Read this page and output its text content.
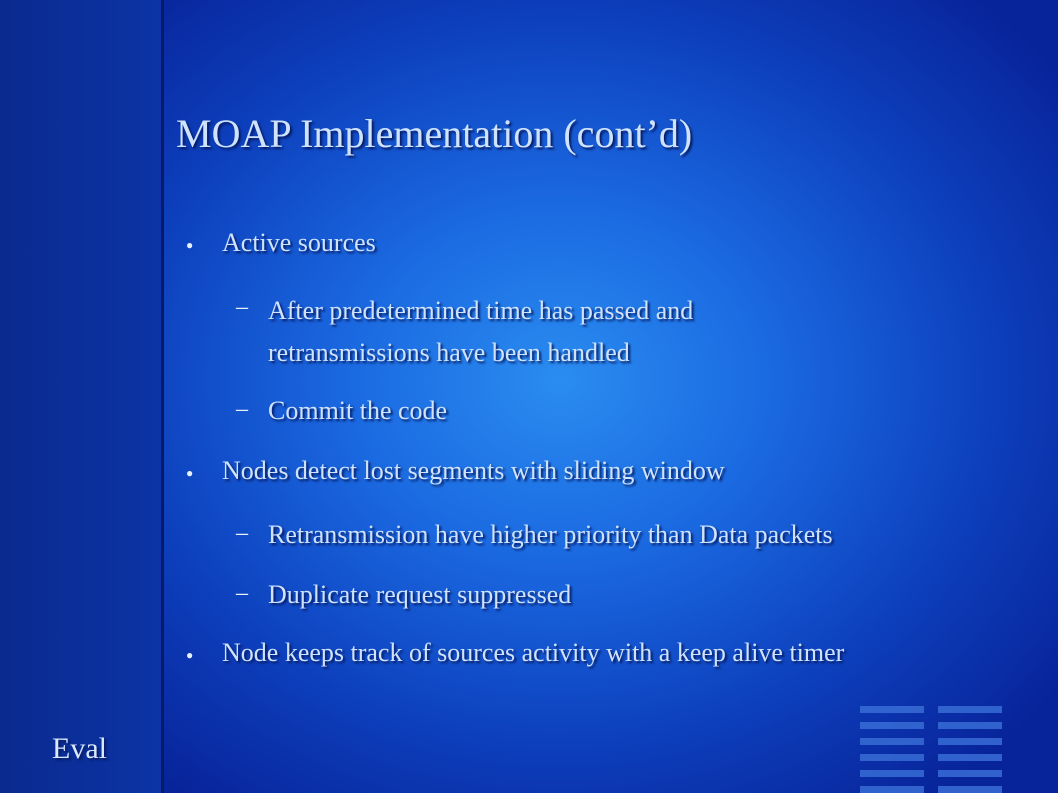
MOAP Implementation (cont’d)
● Active sources
– After predetermined time has passed and retransmissions have been handled
– Commit the code
● Nodes detect lost segments with sliding window
– Retransmission have higher priority than Data packets
– Duplicate request suppressed
● Node keeps track of sources activity with a keep alive timer
Eval
